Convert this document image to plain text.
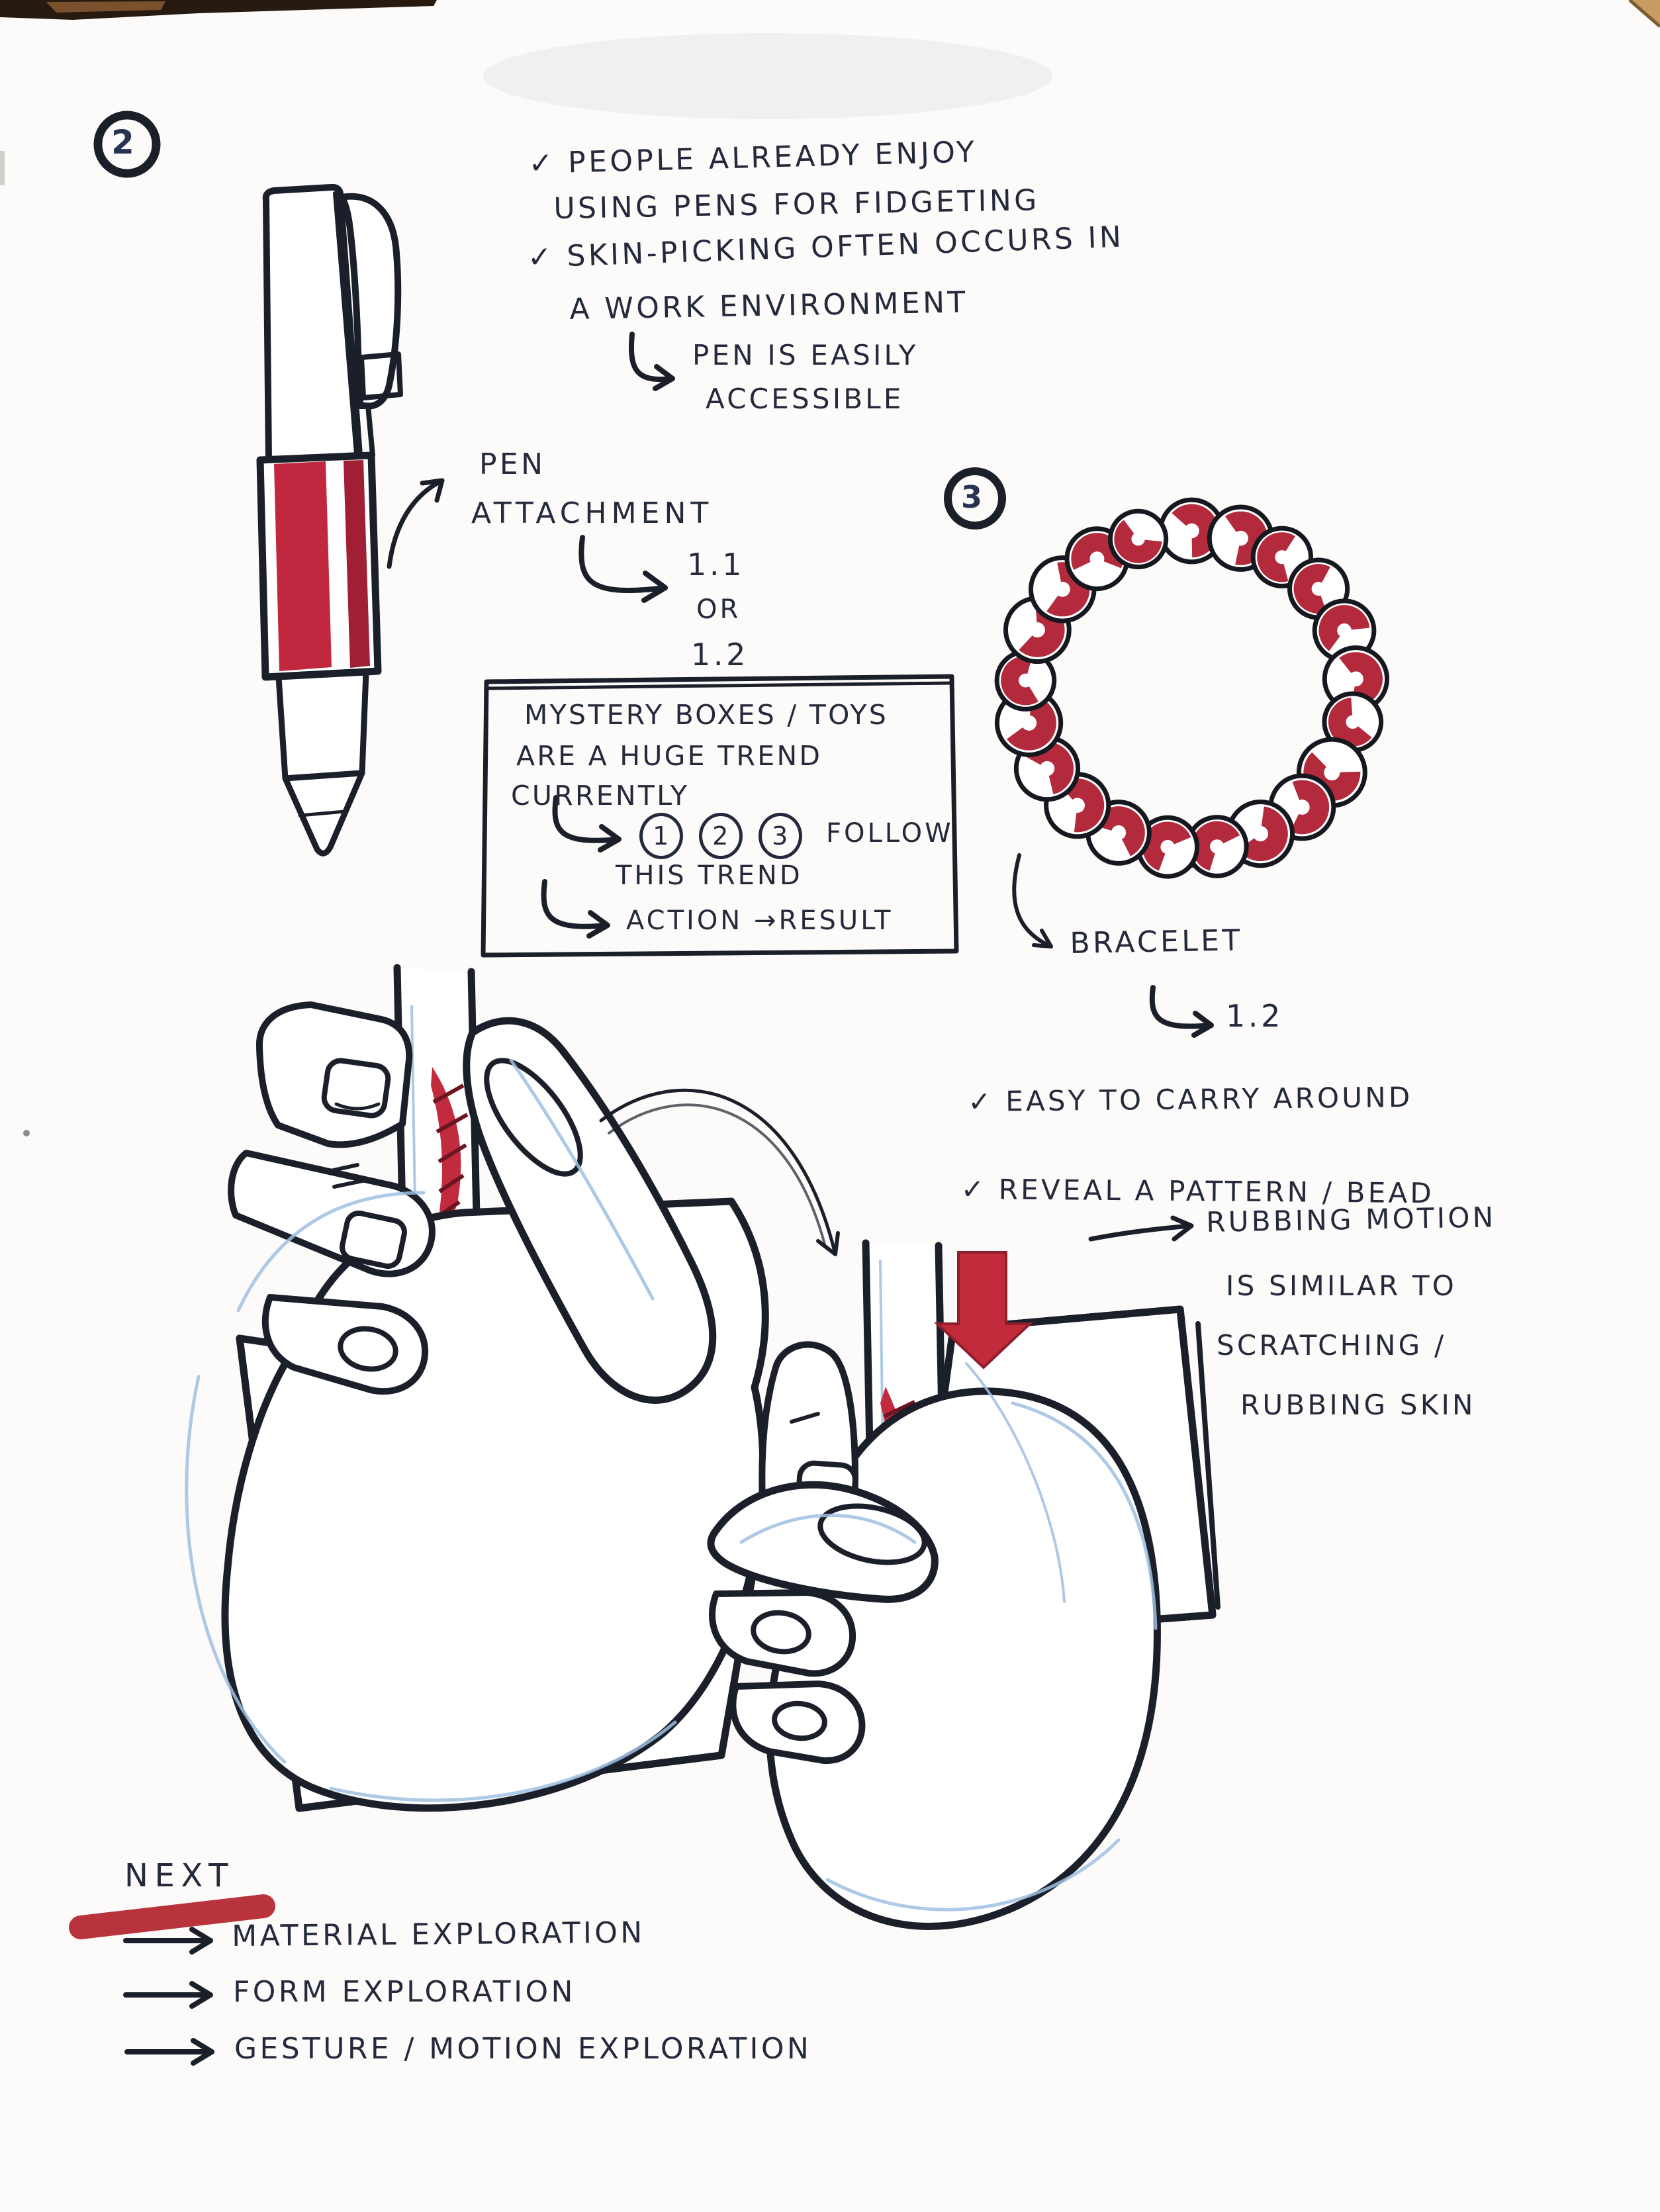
✓ PEOPLE ALREADY ENJOY
USING PENS FOR FIDGETING
✓ SKIN-PICKING OFTEN OCCURS IN
A WORK ENVIRONMENT
PEN IS EASILY
ACCESSIBLE
PEN
ATTACHMENT
1.1
OR
1.2
MYSTERY BOXES / TOYS
ARE A HUGE TREND
CURRENTLY
1	2	3	FOLLOW
THIS TREND
ACTION →RESULT
BRACELET
1.2
✓ EASY TO CARRY AROUND
✓ REVEAL A PATTERN / BEAD
RUBBING MOTION
IS SIMILAR TO
SCRATCHING /
RUBBING SKIN
NEXT
MATERIAL EXPLORATION
FORM EXPLORATION
GESTURE / MOTION EXPLORATION
2
3
